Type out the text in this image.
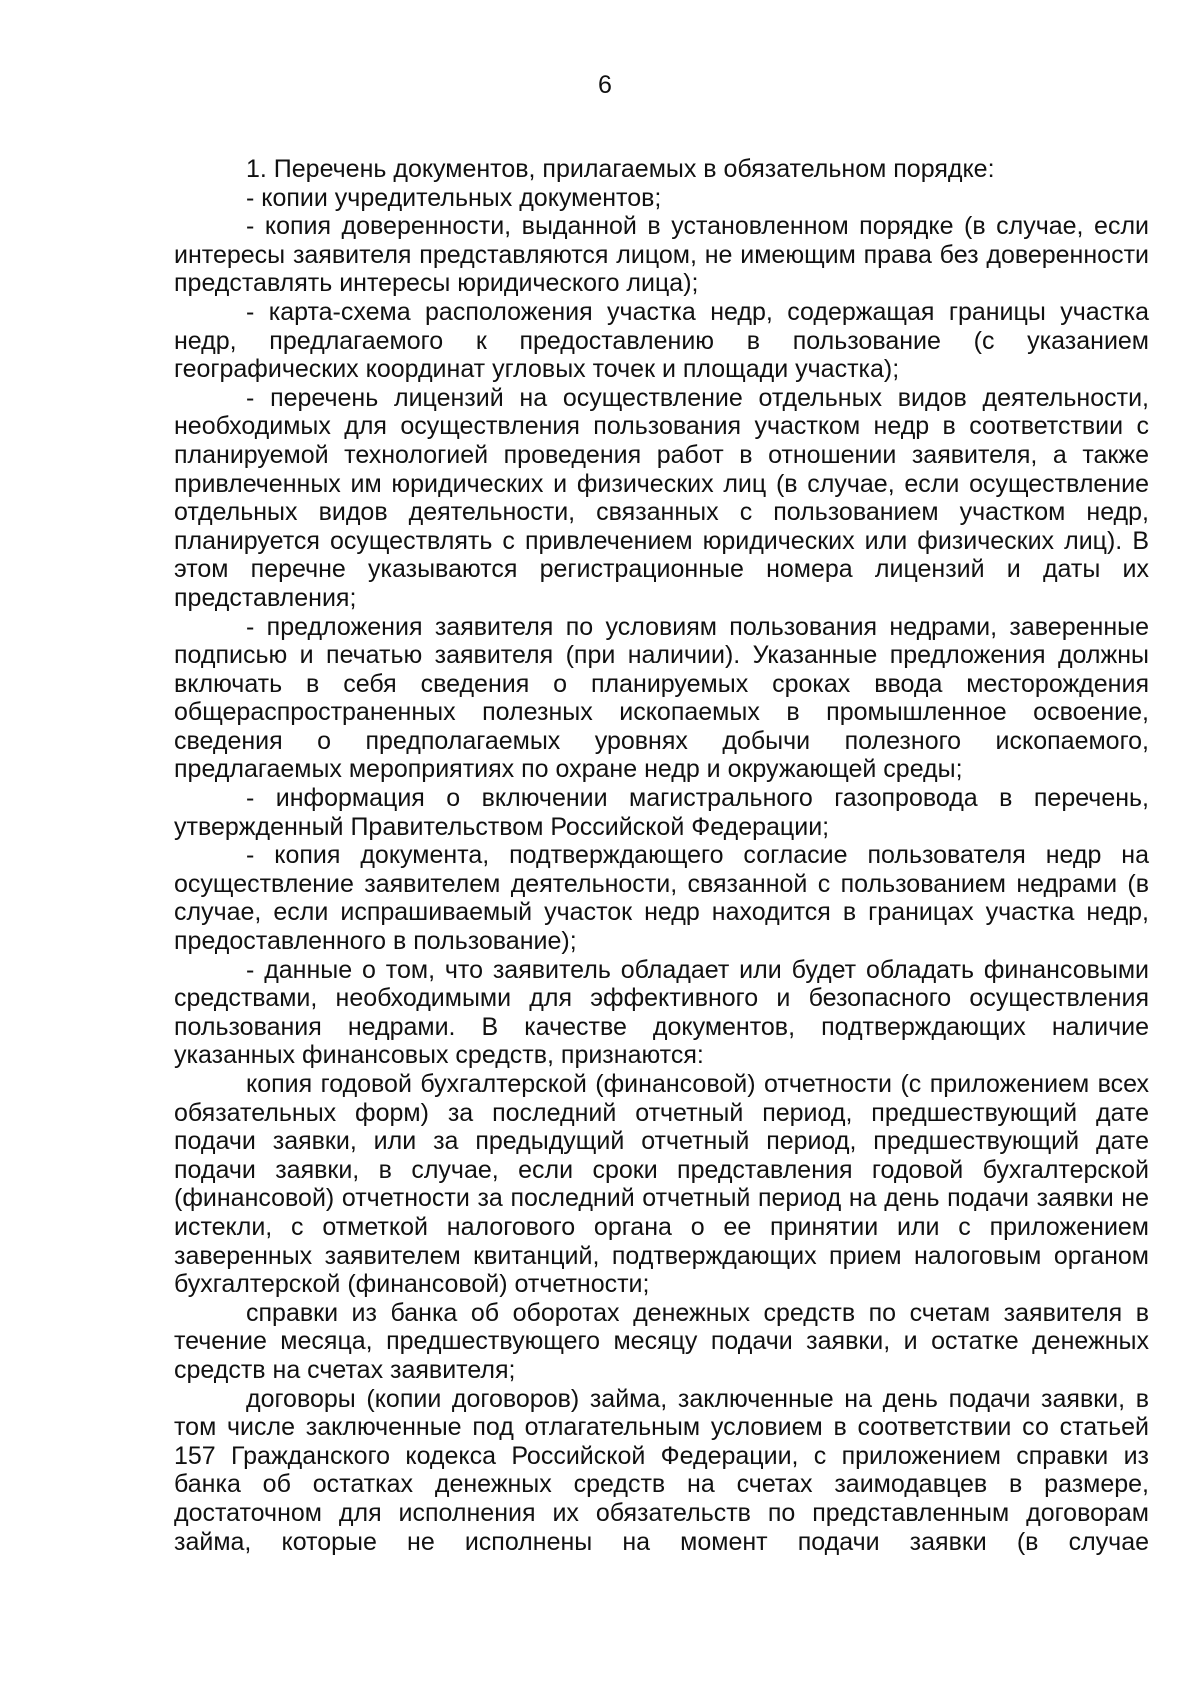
6

1. Перечень документов, прилагаемых в обязательном порядке:

- копии учредительных документов;

- копия доверенности, выданной в установленном порядке (в случае, если интересы заявителя представляются лицом, не имеющим права без доверенности представлять интересы юридического лица);

- карта-схема расположения участка недр, содержащая границы участка недр, предлагаемого к предоставлению в пользование (с указанием географических координат угловых точек и площади участка);

- перечень лицензий на осуществление отдельных видов деятельности, необходимых для осуществления пользования участком недр в соответствии с планируемой технологией проведения работ в отношении заявителя, а также привлеченных им юридических и физических лиц (в случае, если осуществление отдельных видов деятельности, связанных с пользованием участком недр, планируется осуществлять с привлечением юридических или физических лиц). В этом перечне указываются регистрационные номера лицензий и даты их представления;

- предложения заявителя по условиям пользования недрами, заверенные подписью и печатью заявителя (при наличии). Указанные предложения должны включать в себя сведения о планируемых сроках ввода месторождения общераспространенных полезных ископаемых в промышленное освоение, сведения о предполагаемых уровнях добычи полезного ископаемого, предлагаемых мероприятиях по охране недр и окружающей среды;

- информация о включении магистрального газопровода в перечень, утвержденный Правительством Российской Федерации;

- копия документа, подтверждающего согласие пользователя недр на осуществление заявителем деятельности, связанной с пользованием недрами (в случае, если испрашиваемый участок недр находится в границах участка недр, предоставленного в пользование);

- данные о том, что заявитель обладает или будет обладать финансовыми средствами, необходимыми для эффективного и безопасного осуществления пользования недрами. В качестве документов, подтверждающих наличие указанных финансовых средств, признаются:

копия годовой бухгалтерской (финансовой) отчетности (с приложением всех обязательных форм) за последний отчетный период, предшествующий дате подачи заявки, или за предыдущий отчетный период, предшествующий дате подачи заявки, в случае, если сроки представления годовой бухгалтерской (финансовой) отчетности за последний отчетный период на день подачи заявки не истекли, с отметкой налогового органа о ее принятии или с приложением заверенных заявителем квитанций, подтверждающих прием налоговым органом бухгалтерской (финансовой) отчетности;

справки из банка об оборотах денежных средств по счетам заявителя в течение месяца, предшествующего месяцу подачи заявки, и остатке денежных средств на счетах заявителя;

договоры (копии договоров) займа, заключенные на день подачи заявки, в том числе заключенные под отлагательным условием в соответствии со статьей 157 Гражданского кодекса Российской Федерации, с приложением справки из банка об остатках денежных средств на счетах заимодавцев в размере, достаточном для исполнения их обязательств по представленным договорам займа, которые не исполнены на момент подачи заявки (в случае
